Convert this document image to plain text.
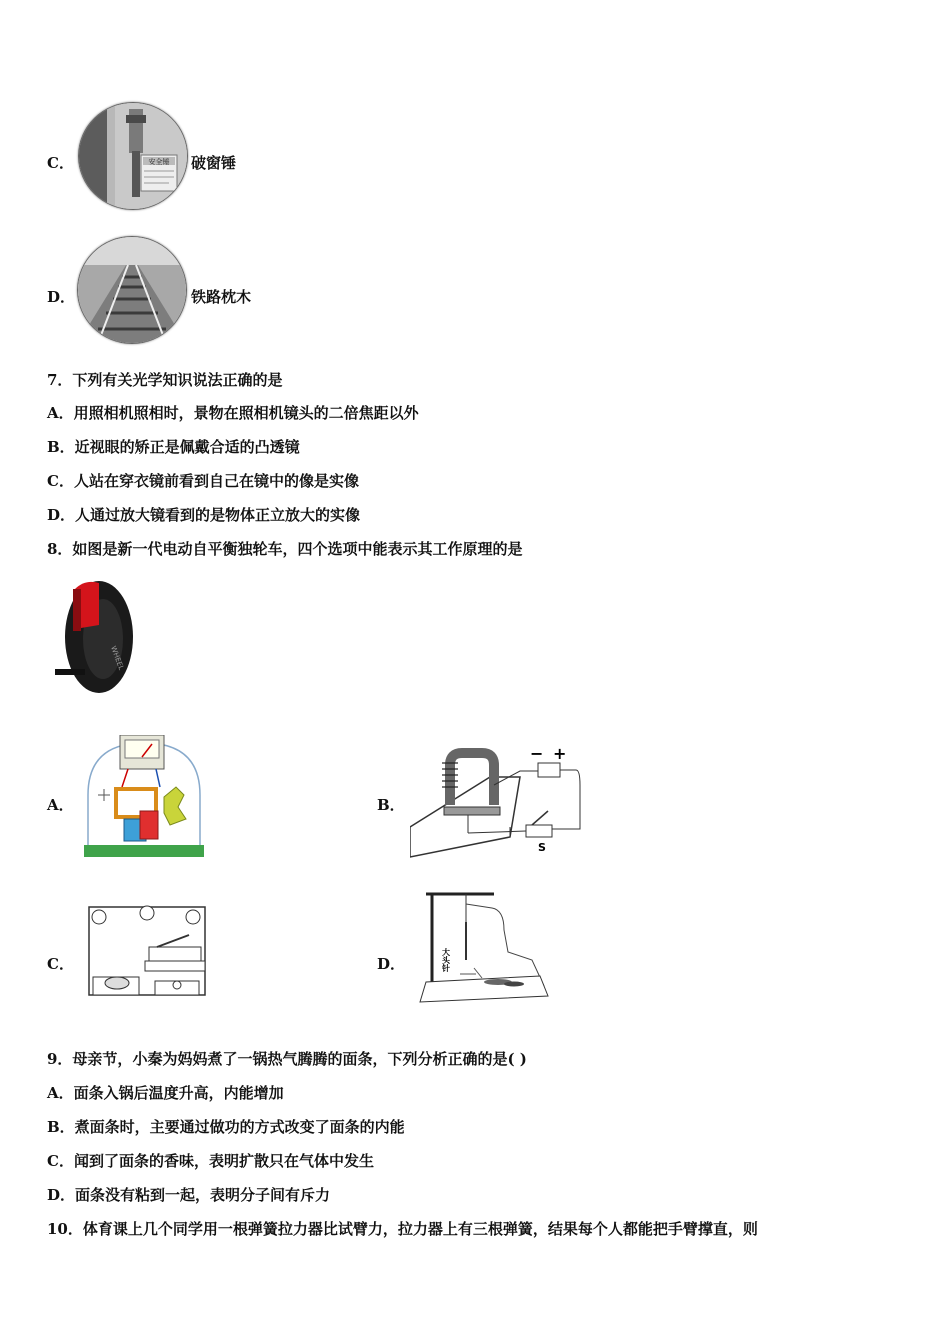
C．	安全锤 破窗锤
D．	铁路枕木
7．下列有关光学知识说法正确的是
A．用照相机照相时，景物在照相机镜头的二倍焦距以外
B．近视眼的矫正是佩戴合适的凸透镜
C．人站在穿衣镜前看到自己在镜中的像是实像
D．人通过放大镜看到的是物体正立放大的实像
8．如图是新一代电动自平衡独轮车，四个选项中能表示其工作原理的是
WHEEL
A．	B．
− +
S
C．	D．	大头针
9．母亲节，小秦为妈妈煮了一锅热气腾腾的面条，下列分析正确的是( )
A．面条入锅后温度升高，内能增加
B．煮面条时，主要通过做功的方式改变了面条的内能
C．闻到了面条的香味，表明扩散只在气体中发生
D．面条没有粘到一起，表明分子间有斥力
10．体育课上几个同学用一根弹簧拉力器比试臂力，拉力器上有三根弹簧，结果每个人都能把手臂撑直，则
